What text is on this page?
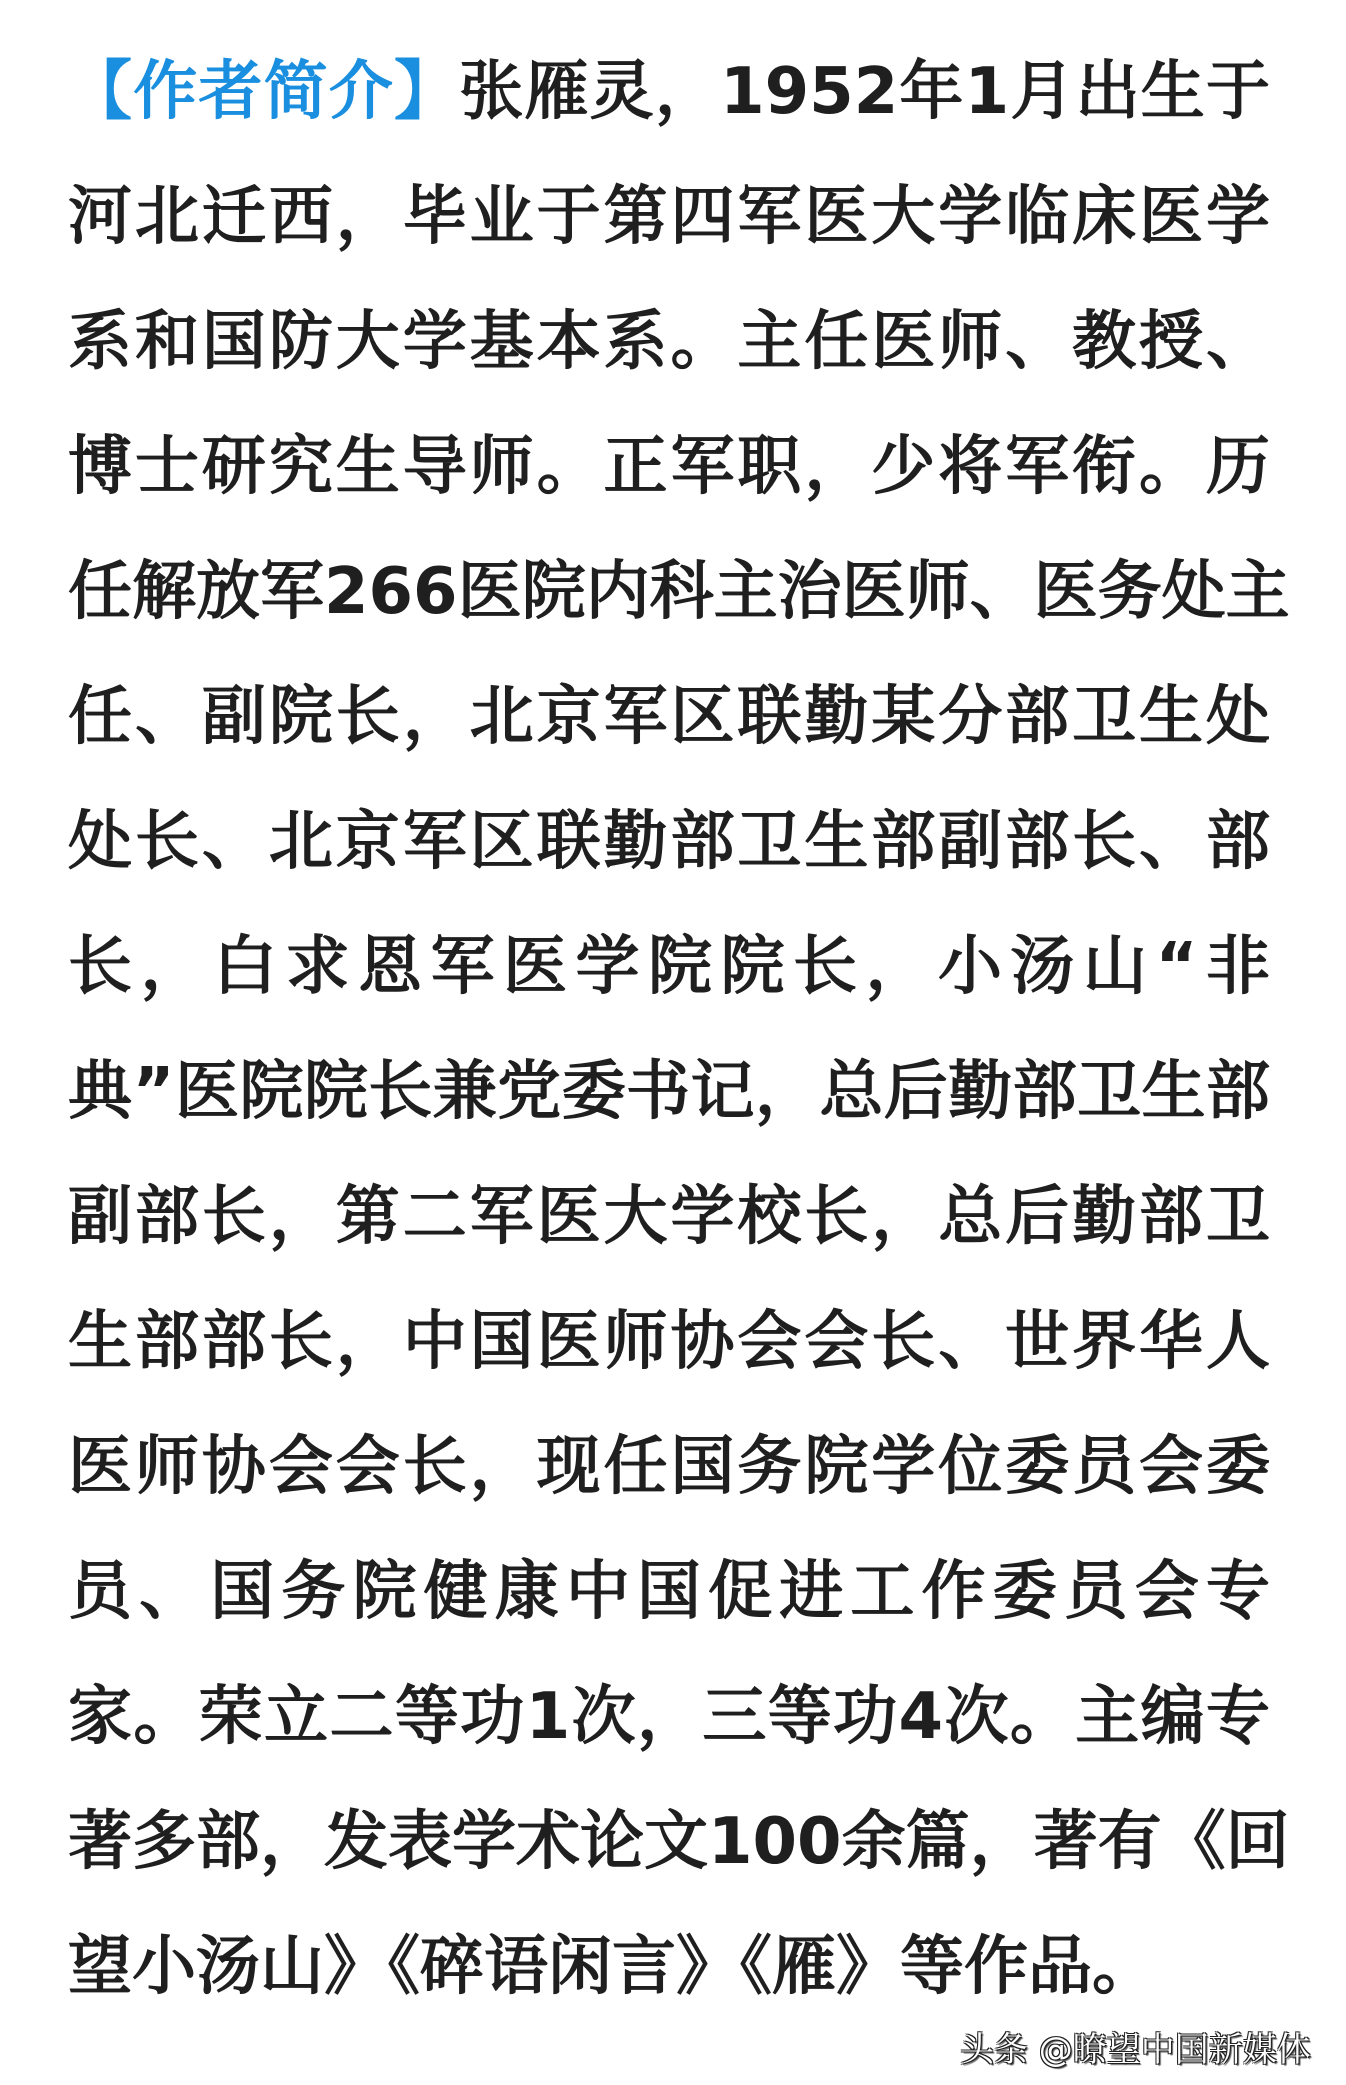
【作者简介】张雁灵，1952年1月出生于
河北迁西，毕业于第四军医大学临床医学
系和国防大学基本系。主任医师、教授、
博士研究生导师。正军职，少将军衔。历
任解放军266医院内科主治医师、医务处主
任、副院长，北京军区联勤某分部卫生处
处长、北京军区联勤部卫生部副部长、部
长，白求恩军医学院院长，小汤山“非
典”医院院长兼党委书记，总后勤部卫生部
副部长，第二军医大学校长，总后勤部卫
生部部长，中国医师协会会长、世界华人
医师协会会长，现任国务院学位委员会委
员、国务院健康中国促进工作委员会专
家。荣立二等功1次，三等功4次。主编专
著多部，发表学术论文100余篇，著有《回
望小汤山》《碎语闲言》《雁》等作品。
头条 @瞭望中国新媒体
